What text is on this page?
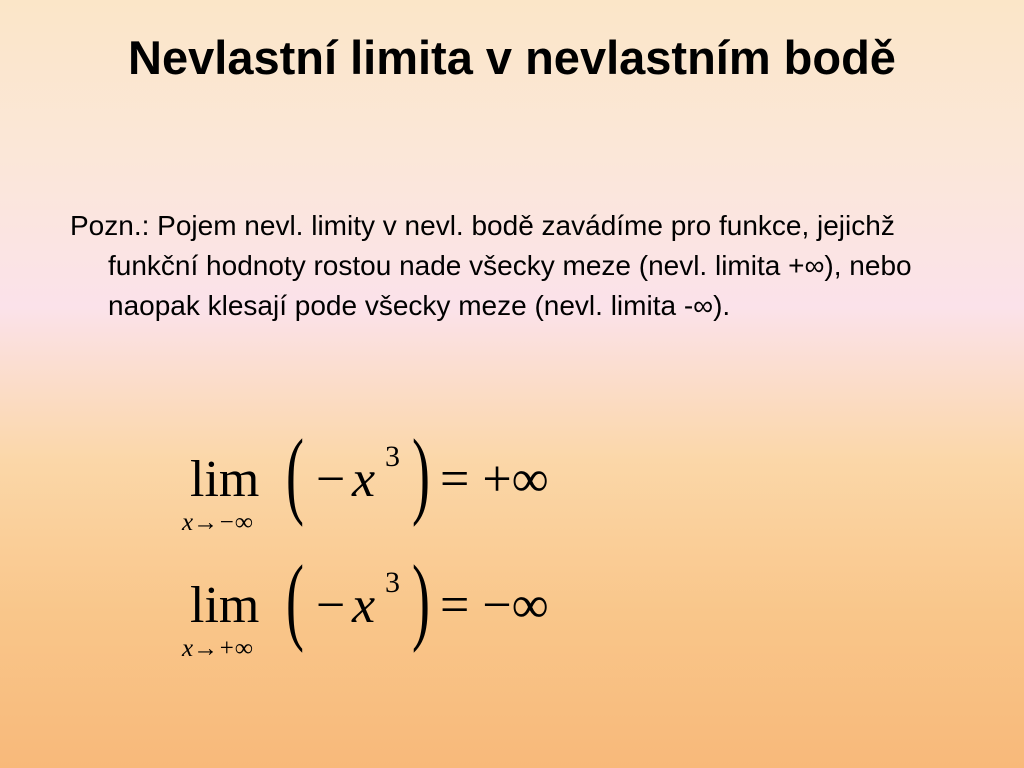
Nevlastní limita v nevlastním bodě

Pozn.: Pojem nevl. limity v nevl. bodě zavádíme pro funkce, jejichž funkční hodnoty rostou nade všecky meze (nevl. limita +∞), nebo naopak klesají pode všecky meze (nevl. limita -∞).

lim
x→−∞ ( − x 3 ) = +∞
lim
x→+∞ ( − x 3 ) = −∞
